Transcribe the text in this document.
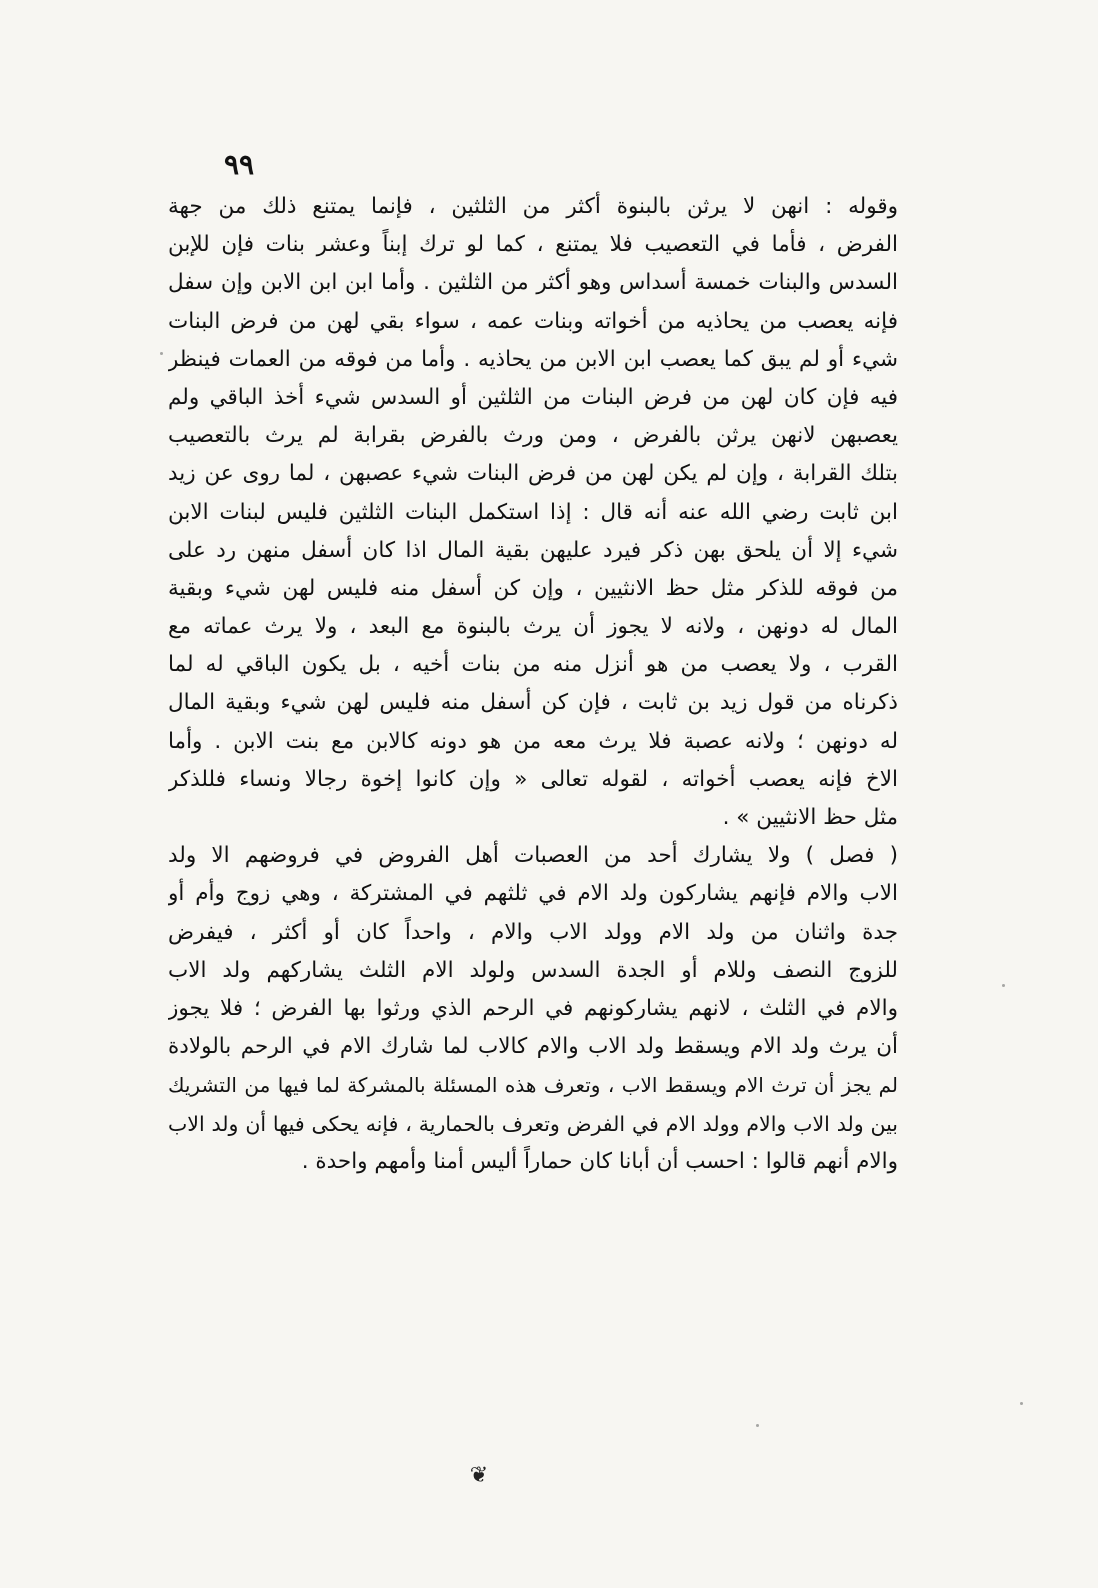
٩٩
وقوله : انهن لا يرثن بالبنوة أكثر من الثلثين ، فإنما يمتنع ذلك من جهة
الفرض ، فأما في التعصيب فلا يمتنع ، كما لو ترك إبناً وعشر بنات فإن للإبن
السدس والبنات خمسة أسداس وهو أكثر من الثلثين . وأما ابن ابن الابن وإن سفل
فإنه يعصب من يحاذيه من أخواته وبنات عمه ، سواء بقي لهن من فرض البنات
شيء أو لم يبق كما يعصب ابن الابن من يحاذيه . وأما من فوقه من العمات فينظر
فيه فإن كان لهن من فرض البنات من الثلثين أو السدس شيء أخذ الباقي ولم
يعصبهن لانهن يرثن بالفرض ، ومن ورث بالفرض بقرابة لم يرث بالتعصيب
بتلك القرابة ، وإن لم يكن لهن من فرض البنات شيء عصبهن ، لما روى عن زيد
ابن ثابت رضي الله عنه أنه قال : إذا استكمل البنات الثلثين فليس لبنات الابن
شيء إلا أن يلحق بهن ذكر فيرد عليهن بقية المال اذا كان أسفل منهن رد على
من فوقه للذكر مثل حظ الانثيين ، وإن كن أسفل منه فليس لهن شيء وبقية
المال له دونهن ، ولانه لا يجوز أن يرث بالبنوة مع البعد ، ولا يرث عماته مع
القرب ، ولا يعصب من هو أنزل منه من بنات أخيه ، بل يكون الباقي له لما
ذكرناه من قول زيد بن ثابت ، فإن كن أسفل منه فليس لهن شيء وبقية المال
له دونهن ؛ ولانه عصبة فلا يرث معه من هو دونه كالابن مع بنت الابن . وأما
الاخ فإنه يعصب أخواته ، لقوله تعالى « وإن كانوا إخوة رجالا ونساء فللذكر
مثل حظ الانثيين » .
( فصل ) ولا يشارك أحد من العصبات أهل الفروض في فروضهم الا ولد
الاب والام فإنهم يشاركون ولد الام في ثلثهم في المشتركة ، وهي زوج وأم أو
جدة واثنان من ولد الام وولد الاب والام ، واحداً كان أو أكثر ، فيفرض
للزوج النصف وللام أو الجدة السدس ولولد الام الثلث يشاركهم ولد الاب
والام في الثلث ، لانهم يشاركونهم في الرحم الذي ورثوا بها الفرض ؛ فلا يجوز
أن يرث ولد الام ويسقط ولد الاب والام كالاب لما شارك الام في الرحم بالولادة
لم يجز أن ترث الام ويسقط الاب ، وتعرف هذه المسئلة بالمشركة لما فيها من التشريك
بين ولد الاب والام وولد الام في الفرض وتعرف بالحمارية ، فإنه يحكى فيها أن ولد الاب
والام أنهم قالوا : احسب أن أبانا كان حماراً أليس أمنا وأمهم واحدة .
❦
